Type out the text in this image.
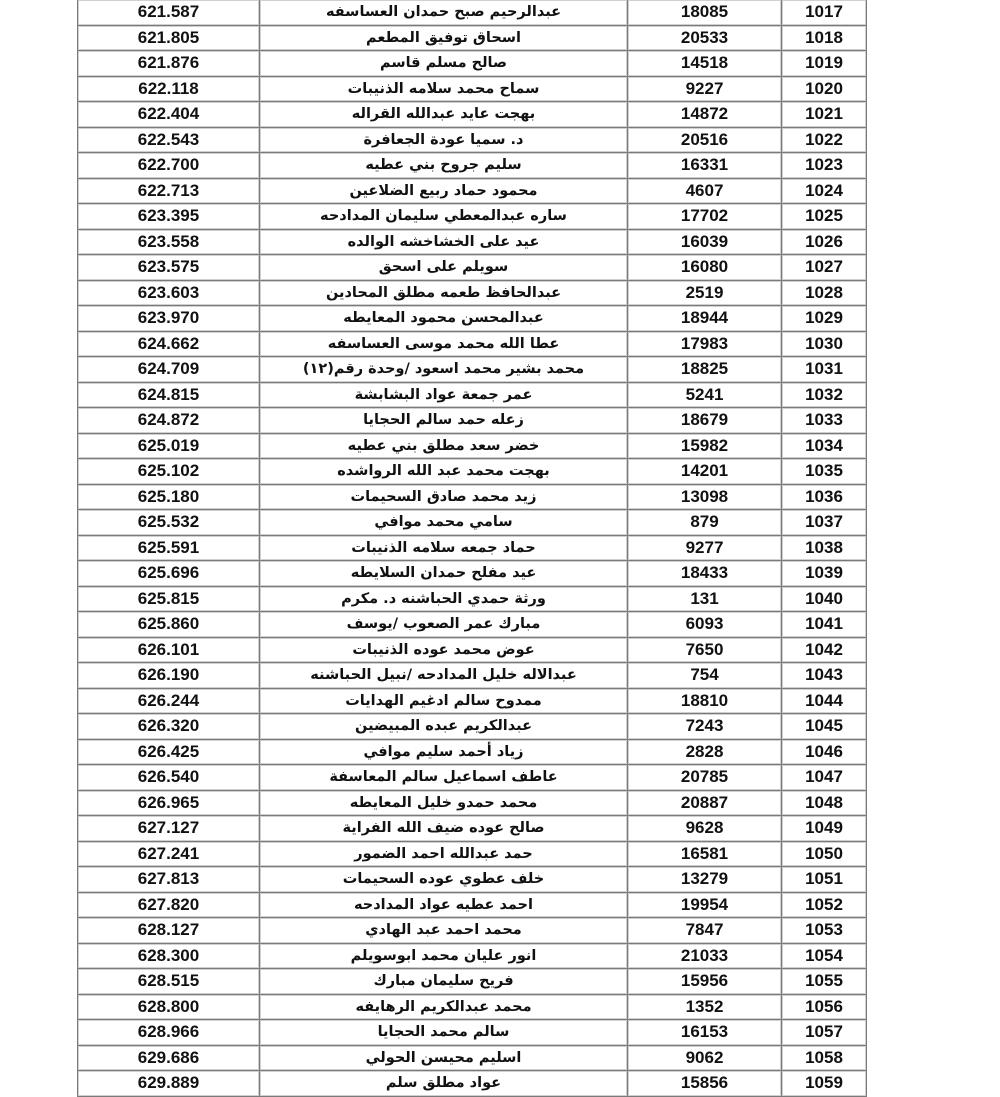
621.587	عبدالرحيم صبح حمدان العساسفه	18085	1017
621.805	اسحاق توفيق المطعم	20533	1018
621.876	صالح مسلم قاسم	14518	1019
622.118	سماح محمد سلامه الذنيبات	9227	1020
622.404	بهجت عايد عبدالله القراله	14872	1021
622.543	د. سميا عودة الجعافرة	20516	1022
622.700	سليم جروح بني عطيه	16331	1023
622.713	محمود حماد ربيع الضلاعين	4607	1024
623.395	ساره عبدالمعطي سليمان المدادحه	17702	1025
623.558	عيد على الخشاخشه الوالده	16039	1026
623.575	سويلم على اسحق	16080	1027
623.603	عبدالحافظ طعمه مطلق المحادين	2519	1028
623.970	عبدالمحسن محمود المعايطه	18944	1029
624.662	عطا الله محمد موسى العساسفه	17983	1030
624.709	محمد بشير محمد اسعود /وحدة رقم(١٢)	18825	1031
624.815	عمر جمعة عواد البشابشة	5241	1032
624.872	زعله حمد سالم الحجايا	18679	1033
625.019	خضر سعد مطلق بني عطيه	15982	1034
625.102	بهجت محمد عبد الله الرواشده	14201	1035
625.180	زيد محمد صادق السحيمات	13098	1036
625.532	سامي محمد موافي	879	1037
625.591	حماد جمعه سلامه الذنيبات	9277	1038
625.696	عيد مفلح حمدان السلايطه	18433	1039
625.815	ورثة حمدي الحباشنه د. مكرم	131	1040
625.860	مبارك عمر الصعوب /يوسف	6093	1041
626.101	عوض محمد عوده الذنيبات	7650	1042
626.190	عبدالاله خليل المدادحه /نبيل الحباشنه	754	1043
626.244	ممدوح سالم ادغيم الهدايات	18810	1044
626.320	عبدالكريم عبده المبيضين	7243	1045
626.425	زياد أحمد سليم موافي	2828	1046
626.540	عاطف اسماعيل سالم المعاسفة	20785	1047
626.965	محمد حمدو خليل المعايطه	20887	1048
627.127	صالح عوده ضيف الله الفراية	9628	1049
627.241	حمد عبدالله احمد الضمور	16581	1050
627.813	خلف عطوي عوده السحيمات	13279	1051
627.820	احمد عطيه عواد المدادحه	19954	1052
628.127	محمد احمد عبد الهادي	7847	1053
628.300	انور عليان محمد ابوسويلم	21033	1054
628.515	فريح سليمان مبارك	15956	1055
628.800	محمد عبدالكريم الرهايفه	1352	1056
628.966	سالم محمد الحجايا	16153	1057
629.686	اسليم محيسن الحولي	9062	1058
629.889	عواد مطلق سلم	15856	1059
